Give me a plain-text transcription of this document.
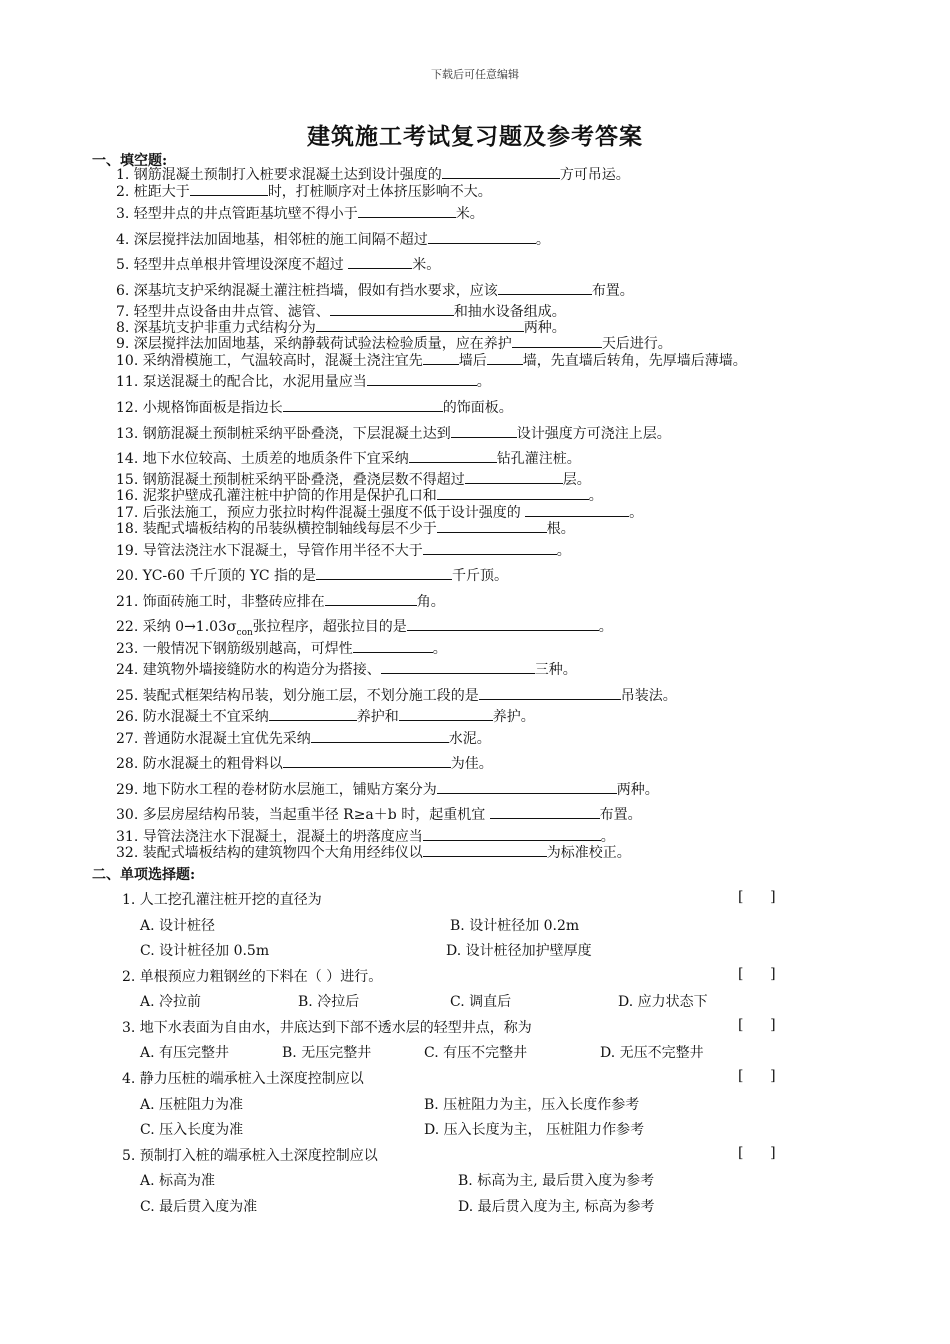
下载后可任意编辑
建筑施工考试复习题及参考答案
一、填空题:
1. 钢筋混凝土预制打入桩要求混凝土达到设计强度的	方可吊运。
2. 桩距大于	时，打桩顺序对土体挤压影响不大。
3. 轻型井点的井点管距基坑壁不得小于	米。
4. 深层搅拌法加固地基，相邻桩的施工间隔不超过	。
5. 轻型井点单根井管埋设深度不超过	米。
6. 深基坑支护采纳混凝土灌注桩挡墙，假如有挡水要求，应该	布置。
7. 轻型井点设备由井点管、滤管、	和抽水设备组成。
8. 深基坑支护非重力式结构分为	两种。
9. 深层搅拌法加固地基，采纳静载荷试验法检验质量，应在养护	天后进行。
10. 采纳滑模施工，气温较高时，混凝土浇注宜先	墙后	墙，先直墙后转角，先厚墙后薄墙。
11. 泵送混凝土的配合比，水泥用量应当	。
12. 小规格饰面板是指边长	的饰面板。
13. 钢筋混凝土预制桩采纳平卧叠浇，下层混凝土达到	设计强度方可浇注上层。
14. 地下水位较高、土质差的地质条件下宜采纳	钻孔灌注桩。
15. 钢筋混凝土预制桩采纳平卧叠浇，叠浇层数不得超过	层。
16. 泥浆护壁成孔灌注桩中护筒的作用是保护孔口和	。
17. 后张法施工，预应力张拉时构件混凝土强度不低于设计强度的	。
18. 装配式墙板结构的吊装纵横控制轴线每层不少于	根。
19. 导管法浇注水下混凝土，导管作用半径不大于	。
20. YC-60 千斤顶的 YC 指的是	千斤顶。
21. 饰面砖施工时，非整砖应排在	角。
22. 采纳 $0\to 1.03\sigma_{con}$张拉程序，超张拉目的是	。
23. 一般情况下钢筋级别越高，可焊性	。
24. 建筑物外墙接缝防水的构造分为搭接、	三种。
25. 装配式框架结构吊装，划分施工层，不划分施工段的是	吊装法。
26. 防水混凝土不宜采纳	养护和	养护。
27. 普通防水混凝土宜优先采纳	水泥。
28. 防水混凝土的粗骨料以	为佳。
29. 地下防水工程的卷材防水层施工，铺贴方案分为	两种。
30. 多层房屋结构吊装，当起重半径 R≥a＋b 时，起重机宜	布置。
31. 导管法浇注水下混凝土，混凝土的坍落度应当	。
32. 装配式墙板结构的建筑物四个大角用经纬仪以	为标准校正。
二、单项选择题:
1. 人工挖孔灌注桩开挖的直径为	[      ]
A. 设计桩径	B. 设计桩径加 0.2m
C. 设计桩径加 0.5m	D. 设计桩径加护壁厚度
2. 单根预应力粗钢丝的下料在（ ）进行。	[      ]
A. 冷拉前	B. 冷拉后	C. 调直后	D. 应力状态下
3. 地下水表面为自由水，井底达到下部不透水层的轻型井点，称为	[      ]
A. 有压完整井	B. 无压完整井	C. 有压不完整井	D. 无压不完整井
4. 静力压桩的端承桩入土深度控制应以	[      ]
A. 压桩阻力为准	B. 压桩阻力为主，压入长度作参考
C. 压入长度为准	D. 压入长度为主， 压桩阻力作参考
5. 预制打入桩的端承桩入土深度控制应以	[      ]
A. 标高为准	B. 标高为主, 最后贯入度为参考
C. 最后贯入度为准	D. 最后贯入度为主, 标高为参考
